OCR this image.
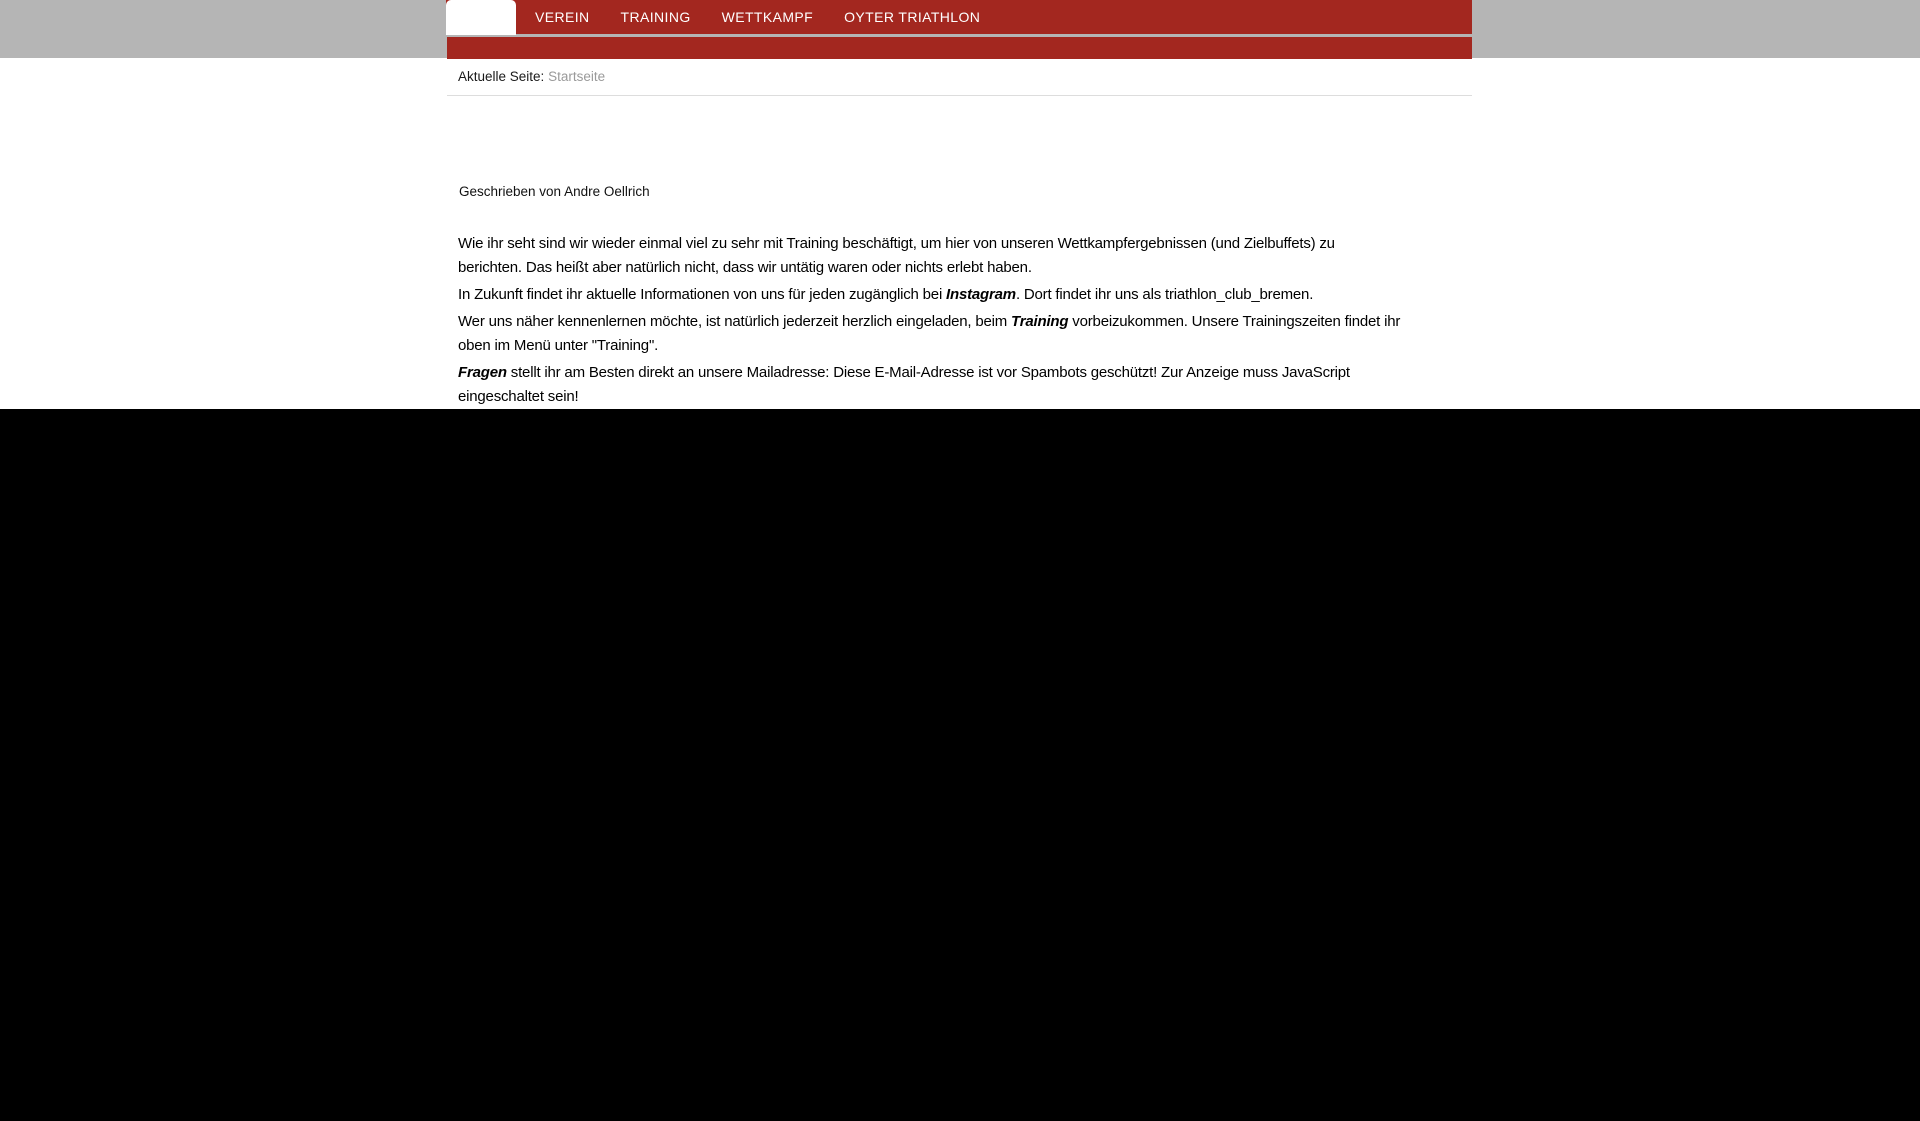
VEREIN TRAINING WETTKAMPF OYTER TRIATHLON
Aktuelle Seite: Startseite
Geschrieben von Andre Oellrich

Wie ihr seht sind wir wieder einmal viel zu sehr mit Training beschäftigt, um hier von unseren Wettkampfergebnissen (und Zielbuffets) zu
berichten. Das heißt aber natürlich nicht, dass wir untätig waren oder nichts erlebt haben.

In Zukunft findet ihr aktuelle Informationen von uns für jeden zugänglich bei Instagram. Dort findet ihr uns als triathlon_club_bremen.

Wer uns näher kennenlernen möchte, ist natürlich jederzeit herzlich eingeladen, beim Training vorbeizukommen. Unsere Trainingszeiten findet ihr
oben im Menü unter "Training".

Fragen stellt ihr am Besten direkt an unsere Mailadresse: Diese E-Mail-Adresse ist vor Spambots geschützt! Zur Anzeige muss JavaScript
eingeschaltet sein!
